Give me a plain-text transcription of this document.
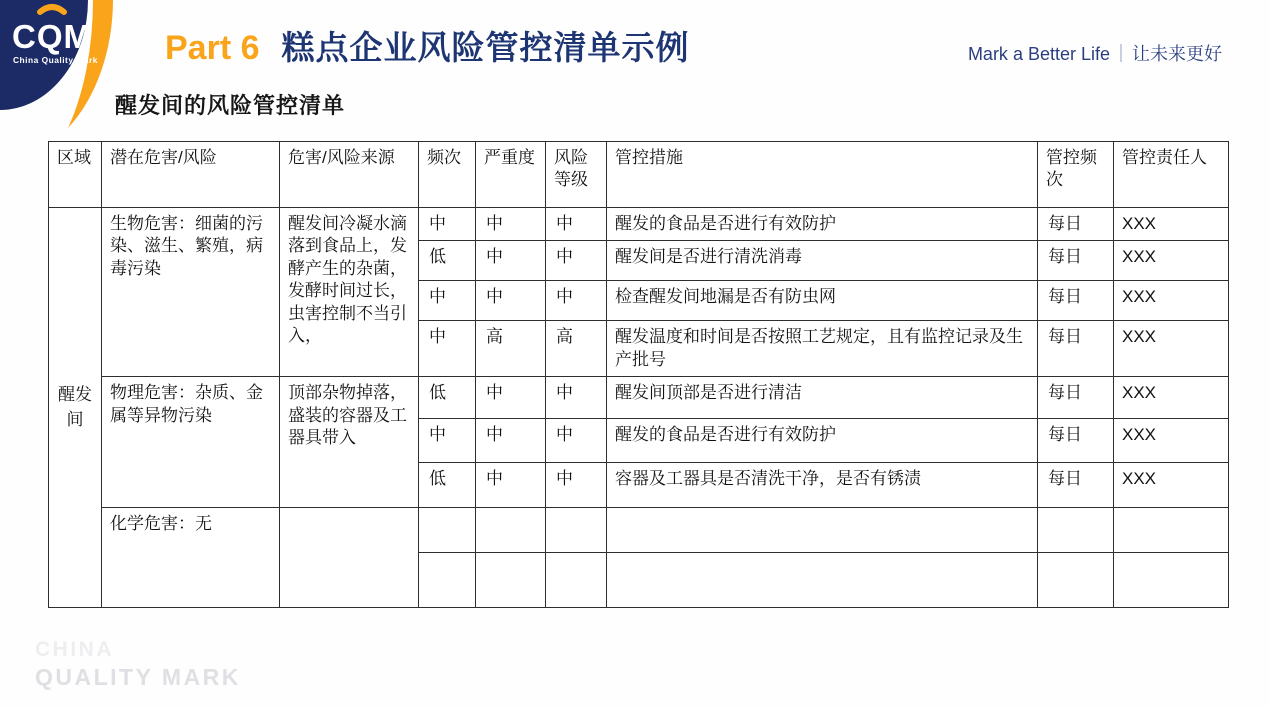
CQM
China Quality Mark Part 6 糕点企业风险管控清单示例	Mark a Better Life ｜ 让未来更好
醒发间的风险管控清单
区域	潜在危害/风险	危害/风险来源	频次	严重度	风险等级	管控措施	管控频次	管控责任人
醒发间	生物危害：细菌的污染、滋生、繁殖，病毒污染	醒发间冷凝水滴落到食品上，发酵产生的杂菌，发酵时间过长，虫害控制不当引入，	中	中	中	醒发的食品是否进行有效防护	每日	XXX
			低	中	中	醒发间是否进行清洗消毒	每日	XXX
			中	中	中	检查醒发间地漏是否有防虫网	每日	XXX
			中	高	高	醒发温度和时间是否按照工艺规定，且有监控记录及生产批号	每日	XXX
	物理危害：杂质、金属等异物污染	顶部杂物掉落，盛装的容器及工器具带入	低	中	中	醒发间顶部是否进行清洁	每日	XXX
			中	中	中	醒发的食品是否进行有效防护	每日	XXX
			低	中	中	容器及工器具是否清洗干净，是否有锈渍	每日	XXX
	化学危害：无							

CHINA
QUALITY MARK
